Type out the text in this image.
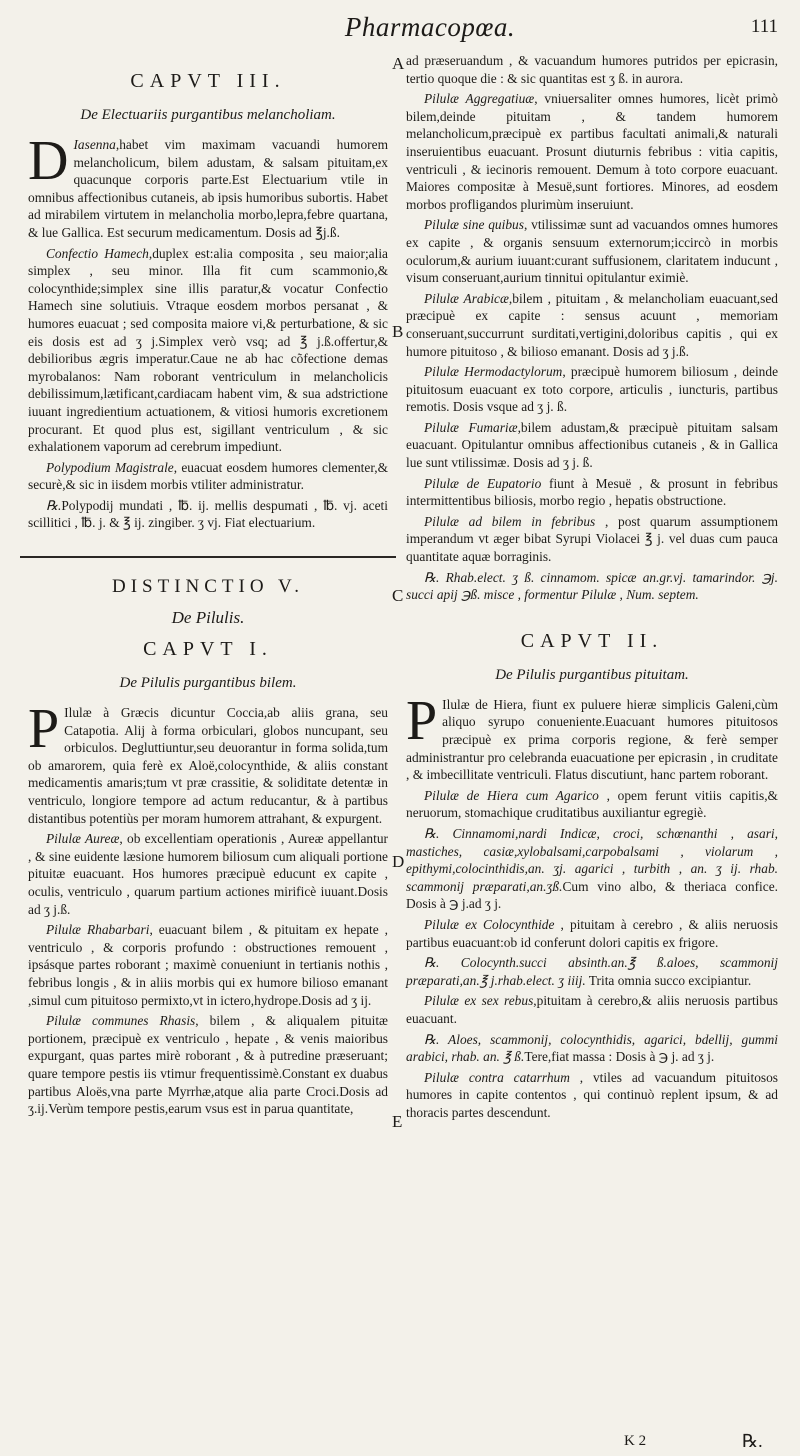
Pharmacopœa.	111
A
B
C
D
E
CAPVT III.
De Electuariis purgantibus melancholiam.

D Iasenna,habet vim maximam vacuandi humorem melancholicum, bilem adustam, & salsam pituitam,ex quacunque corporis parte.Est Electuarium vtile in omnibus affectionibus cutaneis, ab ipsis humoribus subortis. Habet ad mirabilem virtutem in melancholia morbo,lepra,febre quartana, & lue Gallica. Est securum medicamentum. Dosis ad ℥j.ß.

Confectio Hamech,duplex est:alia composita , seu maior;alia simplex , seu minor. Illa fit cum scammonio,& colocynthide;simplex sine illis paratur,& vocatur Confectio Hamech sine solutiuis. Vtraque eosdem morbos persanat , & humores euacuat ; sed composita maiore vi,& perturbatione, & sic eis dosis est ad ʒ j.Simplex verò vsq; ad ℥ j.ß.offertur,& debilioribus ægris imperatur.Caue ne ab hac cõfectione demas myrobalanos: Nam roborant ventriculum in melancholicis debilissimum,lætificant,cardiacam habent vim, & sua adstrictione iuuant ingredientium actuationem, & vitiosi humoris excretionem procurant. Et quod plus est, sigillant ventriculum , & sic exhalationem vaporum ad cerebrum impediunt.

Polypodium Magistrale, euacuat eosdem humores clementer,& securè,& sic in iisdem morbis vtiliter administratur.

℞.Polypodij mundati , ℔. ij. mellis despumati , ℔. vj. aceti scillitici , ℔. j. & ℥ ij. zingiber. ʒ vj. Fiat electuarium.

DISTINCTIO V.
De Pilulis.
CAPVT I.
De Pilulis purgantibus bilem.

P Ilulæ à Græcis dicuntur Coccia,ab aliis grana, seu Catapotia. Alij à forma orbiculari, globos nuncupant, seu orbiculos. Degluttiuntur,seu deuorantur in forma solida,tum ob amarorem, quia ferè ex Aloë,colocynthide, & aliis constant medicamentis amaris;tum vt præ crassitie, & soliditate detentæ in ventriculo, longiore tempore ad actum reducantur, & à partibus distantibus potentiùs per moram humorem attrahant, & expurgent.

Pilulæ Aureæ, ob excellentiam operationis , Aureæ appellantur , & sine euidente læsione humorem biliosum cum aliquali portione pituitæ euacuant. Hos humores præcipuè educunt ex capite , oculis, ventriculo , quarum partium actiones mirificè iuuant.Dosis ad ʒ j.ß.

Pilulæ Rhabarbari, euacuant bilem , & pituitam ex hepate , ventriculo , & corporis profundo : obstructiones remouent , ipsásque partes roborant ; maximè conueniunt in tertianis nothis , febribus longis , & in aliis morbis qui ex humore bilioso emanant ,simul cum pituitoso permixto,vt in ictero,hydrope.Dosis ad ʒ ij.

Pilulæ communes Rhasis, bilem , & aliqualem pituitæ portionem, præcipuè ex ventriculo , hepate , & venis maioribus expurgant, quas partes mirè roborant , & à putredine præseruant; quare tempore pestis iis vtimur frequentissimè.Constant ex duabus partibus Aloës,vna parte Myrrhæ,atque alia parte Croci.Dosis ad ʒ.ij.Verùm tempore pestis,earum vsus est in parua quantitate,

ad præseruandum , & vacuandum humores putridos per epicrasin, tertio quoque die : & sic quantitas est ʒ ß. in aurora.

Pilulæ Aggregatiuæ, vniuersaliter omnes humores, licèt primò bilem,deinde pituitam , & tandem humorem melancholicum,præcipuè ex partibus facultati animali,& naturali inseruientibus euacuant. Prosunt diuturnis febribus : vitia capitis, ventriculi , & iecinoris remouent. Demum à toto corpore euacuant. Maiores compositæ à Mesuë,sunt fortiores. Minores, ad eosdem morbos profligandos plurimùm inseruiunt.

Pilulæ sine quibus, vtilissimæ sunt ad vacuandos omnes humores ex capite , & organis sensuum externorum;iccircò in morbis oculorum,& aurium iuuant:curant suffusionem, claritatem inducunt , visum conseruant,aurium tinnitui opitulantur eximiè.

Pilulæ Arabicæ,bilem , pituitam , & melancholiam euacuant,sed præcipuè ex capite : sensus acuunt , memoriam conseruant,succurrunt surditati,vertigini,doloribus capitis , qui ex humore pituitoso , & bilioso emanant. Dosis ad ʒ j.ß.

Pilulæ Hermodactylorum, præcipuè humorem biliosum , deinde pituitosum euacuant ex toto corpore, articulis , iuncturis, partibus remotis. Dosis vsque ad ʒ j. ß.

Pilulæ Fumariæ,bilem adustam,& præcipuè pituitam salsam euacuant. Opitulantur omnibus affectionibus cutaneis , & in Gallica lue sunt vtilissimæ. Dosis ad ʒ j. ß.

Pilulæ de Eupatorio fiunt à Mesuë , & prosunt in febribus intermittentibus biliosis, morbo regio , hepatis obstructione.

Pilulæ ad bilem in febribus , post quarum assumptionem imperandum vt æger bibat Syrupi Violacei ℥ j. vel duas cum pauca quantitate aquæ borraginis.

℞. Rhab.elect. ʒ ß. cinnamom. spicæ an.gr.vj. tamarindor. ℈j. succi apij ℈ß. misce , formentur Pilulæ , Num. septem.

CAPVT II.
De Pilulis purgantibus pituitam.

P Ilulæ de Hiera, fiunt ex puluere hieræ simplicis Galeni,cùm aliquo syrupo conueniente.Euacuant humores pituitosos præcipuè ex prima corporis regione, & ferè semper administrantur pro celebranda euacuatione per epicrasin , in cruditate , & imbecillitate ventriculi. Flatus discutiunt, hanc partem roborant.

Pilulæ de Hiera cum Agarico , opem ferunt vitiis capitis,& neruorum, stomachique cruditatibus auxiliantur egregiè.

℞. Cinnamomi,nardi Indicæ, croci, schœnanthi , asari, mastiches, casiæ,xylobalsami,carpobalsami , violarum , epithymi,colocinthidis,an. ʒj. agarici , turbith , an. ʒ ij. rhab. scammonij præparati,an.ʒß.Cum vino albo, & theriaca confice. Dosis à ℈ j.ad ʒ j.

Pilulæ ex Colocynthide , pituitam à cerebro , & aliis neruosis partibus euacuant:ob id conferunt dolori capitis ex frigore.

℞. Colocynth.succi absinth.an.℥ ß.aloes, scammonij præparati,an.℥ j.rhab.elect. ʒ iiij. Trita omnia succo excipiantur.

Pilulæ ex sex rebus,pituitam à cerebro,& aliis neruosis partibus euacuant.

℞. Aloes, scammonij, colocynthidis, agarici, bdellij, gummi arabici, rhab. an. ℥ ß.Tere,fiat massa : Dosis à ℈ j. ad ʒ j.

Pilulæ contra catarrhum , vtiles ad vacuandum pituitosos humores in capite contentos , qui continuò replent ipsum, & ad thoracis partes descendunt.

K 2	℞.
